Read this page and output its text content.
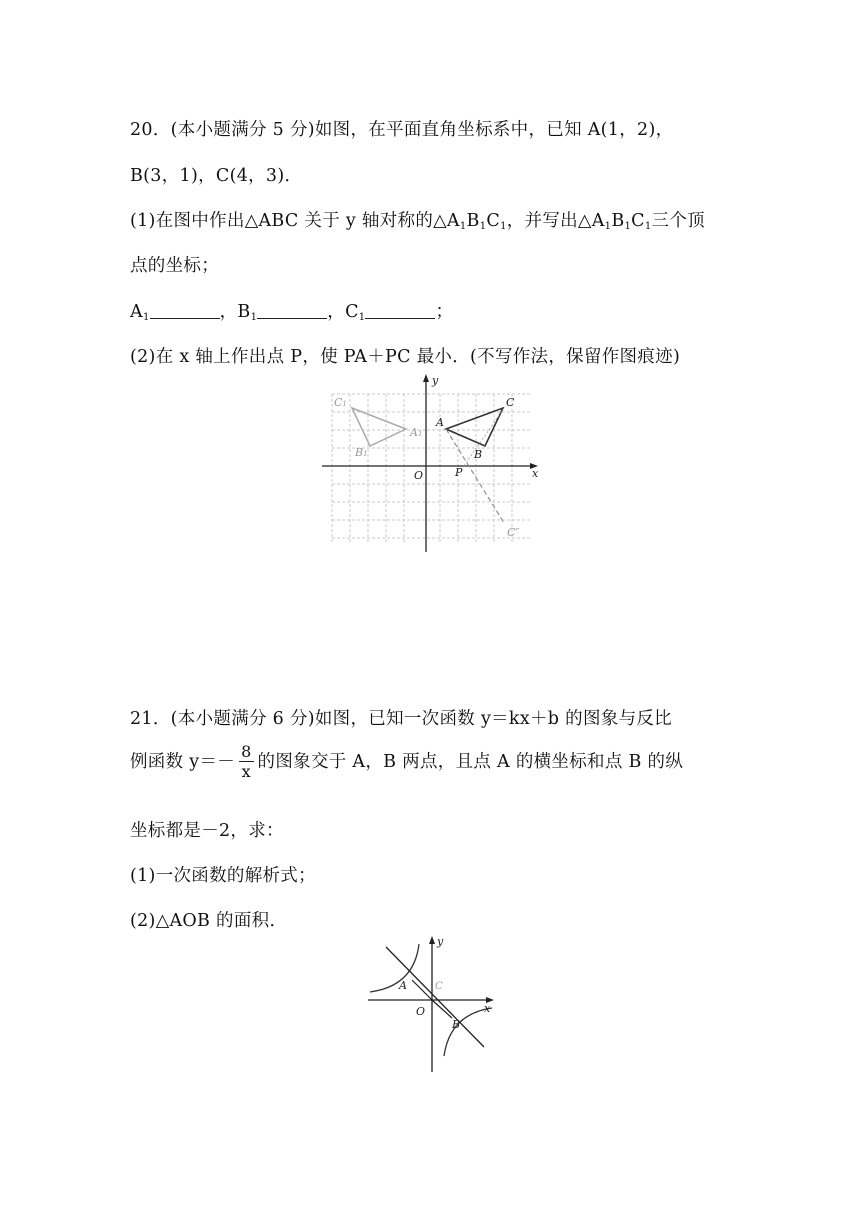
20．(本小题满分 5 分)如图，在平面直角坐标系中，已知 A(1，2)，
B(3，1)，C(4，3)．
(1)在图中作出△ABC 关于 y 轴对称的$\triangle A_1B_1C_1$，并写出$\triangle A_1B_1C_1$三个顶
点的坐标；
$A_1$	，$B_1$	，$C_1$	；
(2)在 x 轴上作出点 P，使 PA＋PC 最小．(不写作法，保留作图痕迹)
C1
A1
B1
A
B
C
O	P
C″
x
y
21．(本小题满分 6 分)如图，已知一次函数 y＝kx＋b 的图象与反比
例函数 $y=- \frac{8}{x}$ 的图象交于 A，B 两点，且点 A 的横坐标和点 B 的纵
坐标都是－2，求：
(1)一次函数的解析式；
(2)△AOB 的面积．
A	C
O
B
x
y
